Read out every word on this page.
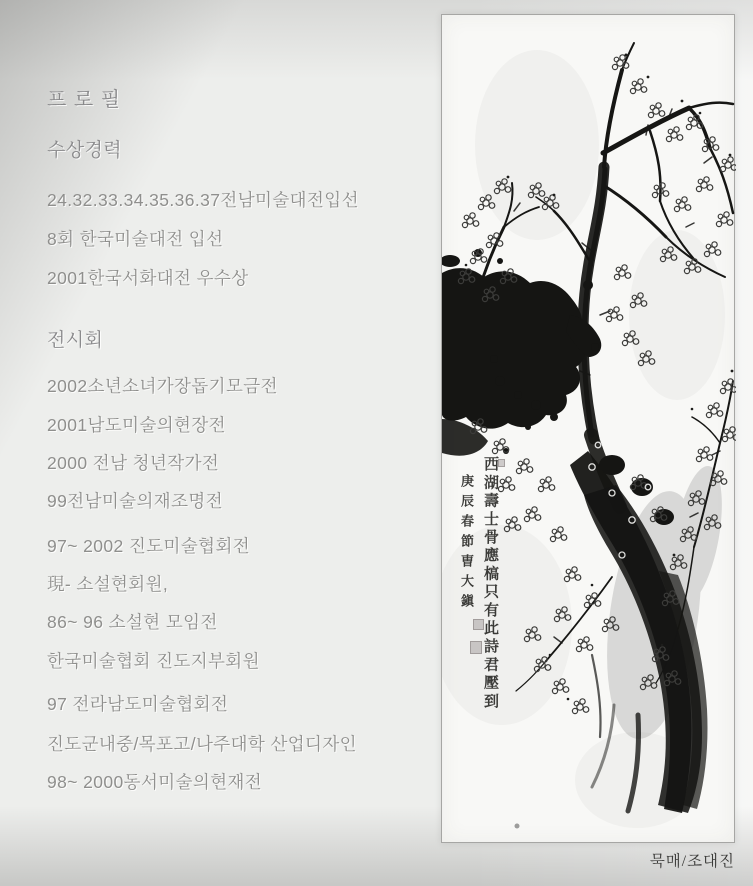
프 로 필
수상경력
24.32.33.34.35.36.37전남미술대전입선
8회 한국미술대전 입선
2001한국서화대전 우수상
전시회
2002소년소녀가장돕기모금전
2001남도미술의현장전
2000 전남 청년작가전
99전남미술의재조명전
97~ 2002 진도미술협회전
現- 소설현회원,
86~ 96 소설현 모임전
한국미술협회 진도지부회원
97 전라남도미술협회전
진도군내중/목포고/나주대학 산업디자인
98~ 2000동서미술의현재전
西湖壽士骨應槁只有此詩君壓到
庚辰春節曺大鎭
묵매/조대진
